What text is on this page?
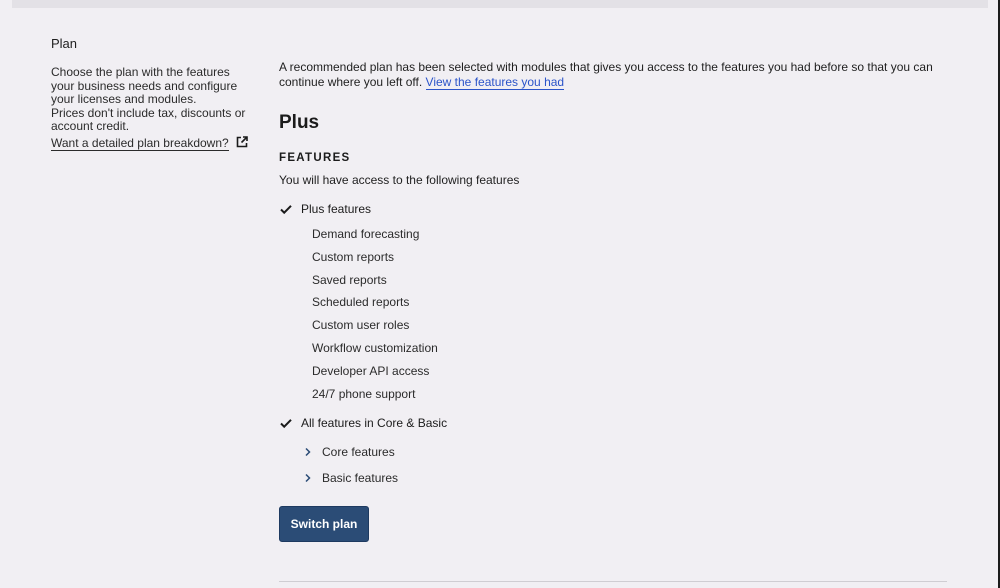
Plan

Choose the plan with the features
your business needs and configure
your licenses and modules.
Prices don't include tax, discounts or
account credit.

Want a detailed plan breakdown?

A recommended plan has been selected with modules that gives you access to the features you had before so that you can
continue where you left off. View the features you had

Plus
FEATURES
You will have access to the following features
Plus features
Demand forecasting
Custom reports
Saved reports
Scheduled reports
Custom user roles
Workflow customization
Developer API access
24/7 phone support
All features in Core & Basic
Core features
Basic features
Switch plan
